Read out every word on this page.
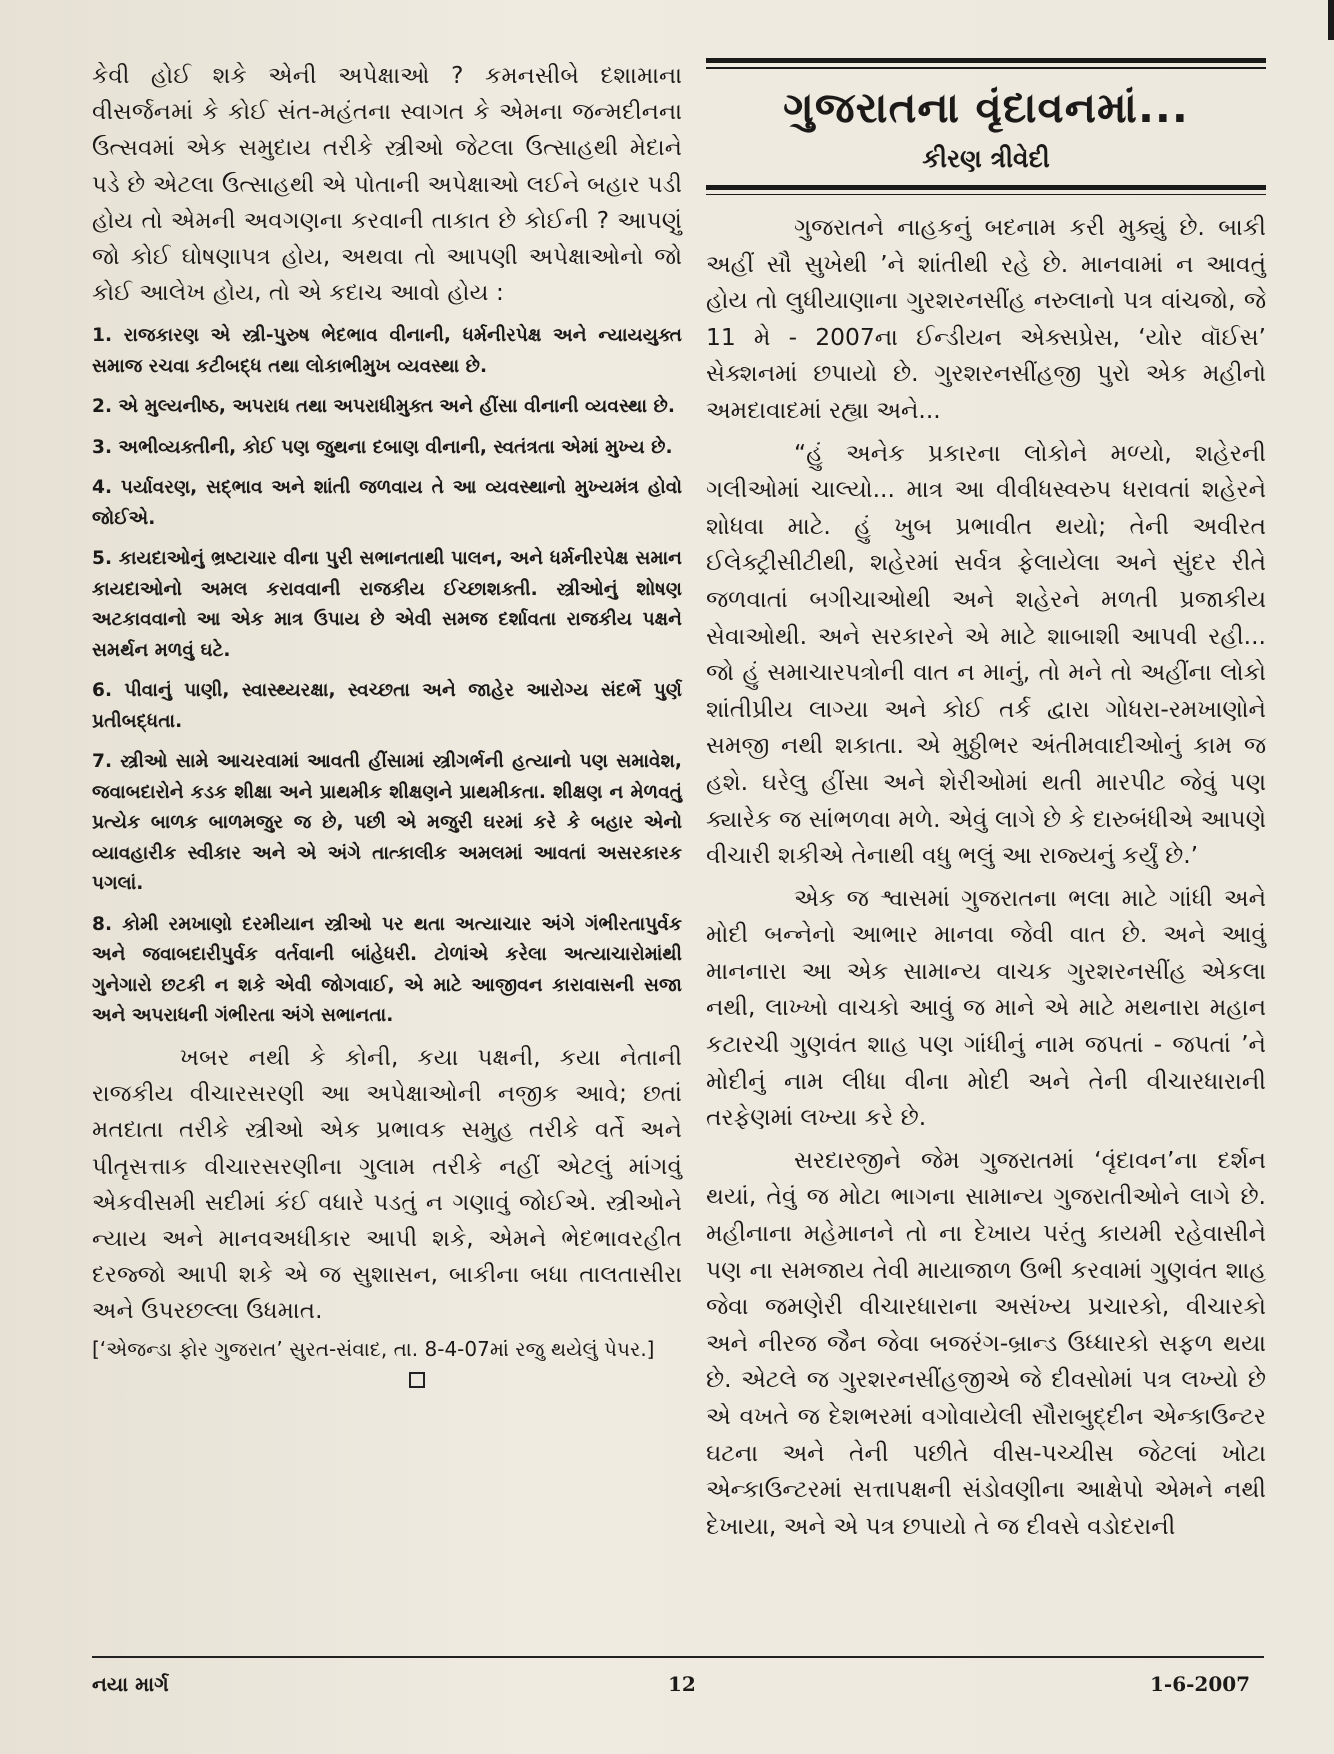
કેવી હોઈ શકે એની અપેક્ષાઓ ? કમનસીબે દશામાના વીસર્જનમાં કે કોઈ સંત-મહંતના સ્વાગત કે એમના જન્મદીનના ઉત્સવમાં એક સમુદાય તરીકે સ્ત્રીઓ જેટલા ઉત્સાહથી મેદાને પડે છે એટલા ઉત્સાહથી એ પોતાની અપેક્ષાઓ લઈને બહાર પડી હોય તો એમની અવગણના કરવાની તાકાત છે કોઈની ? આપણું જો કોઈ ઘોષણાપત્ર હોય, અથવા તો આપણી અપેક્ષાઓનો જો કોઈ આલેખ હોય, તો એ કદાચ આવો હોય :

1. રાજકારણ એ સ્ત્રી-પુરુષ ભેદભાવ વીનાની, ધર્મનીરપેક્ષ અને ન્યાયયુક્ત સમાજ રચવા કટીબદ્ધ તથા લોકાભીમુખ વ્યવસ્થા છે.

2. એ મુલ્યનીષ્ઠ, અપરાધ તથા અપરાધીમુક્ત અને હીંસા વીનાની વ્યવસ્થા છે.

3. અભીવ્યક્તીની, કોઈ પણ જુથના દબાણ વીનાની, સ્વતંત્રતા એમાં મુખ્ય છે.

4. પર્યાવરણ, સદ્ભાવ અને શાંતી જળવાય તે આ વ્યવસ્થાનો મુખ્યમંત્ર હોવો જોઈએ.

5. કાયદાઓનું ભ્રષ્ટાચાર વીના પુરી સભાનતાથી પાલન, અને ધર્મનીરપેક્ષ સમાન કાયદાઓનો અમલ કરાવવાની રાજકીય ઈચ્છાશક્તી. સ્ત્રીઓનું શોષણ અટકાવવાનો આ એક માત્ર ઉપાય છે એવી સમજ દર્શાવતા રાજકીય પક્ષને સમર્થન મળવું ઘટે.

6. પીવાનું પાણી, સ્વાસ્થ્યરક્ષા, સ્વચ્છતા અને જાહેર આરોગ્ય સંદર્ભે પુર્ણ પ્રતીબદ્ધતા.

7. સ્ત્રીઓ સામે આચરવામાં આવતી હીંસામાં સ્ત્રીગર્ભની હત્યાનો પણ સમાવેશ, જવાબદારોને કડક શીક્ષા અને પ્રાથમીક શીક્ષણને પ્રાથમીકતા. શીક્ષણ ન મેળવતું પ્રત્યેક બાળક બાળમજુર જ છે, પછી એ મજુરી ઘરમાં કરે કે બહાર એનો વ્યાવહારીક સ્વીકાર અને એ અંગે તાત્કાલીક અમલમાં આવતાં અસરકારક પગલાં.

8. કોમી રમખાણો દરમીયાન સ્ત્રીઓ પર થતા અત્યાચાર અંગે ગંભીરતાપુર્વક અને જવાબદારીપુર્વક વર્તવાની બાંહેધરી. ટોળાંએ કરેલા અત્યાચારોમાંથી ગુનેગારો છટકી ન શકે એવી જોગવાઈ, એ માટે આજીવન કારાવાસની સજા અને અપરાધની ગંભીરતા અંગે સભાનતા.

ખબર નથી કે કોની, કયા પક્ષની, કયા નેતાની રાજકીય વીચારસરણી આ અપેક્ષાઓની નજીક આવે; છતાં મતદાતા તરીકે સ્ત્રીઓ એક પ્રભાવક સમુહ તરીકે વર્તે અને પીતૃસત્તાક વીચારસરણીના ગુલામ તરીકે નહીં એટલું માંગવું એકવીસમી સદીમાં કંઈ વધારે પડતું ન ગણાવું જોઈએ. સ્ત્રીઓને ન્યાય અને માનવઅધીકાર આપી શકે, એમને ભેદભાવરહીત દરજ્જો આપી શકે એ જ સુશાસન, બાકીના બધા તાલતાસીરા અને ઉપરછલ્લા ઉધમાત.

[‘એજન્ડા ફોર ગુજરાત’ સુરત-સંવાદ, તા. 8-4-07માં રજુ થયેલું પેપર.]

ગુજરાતના વૃંદાવનમાં...
કીરણ ત્રીવેદી

ગુજરાતને નાહકનું બદનામ કરી મુક્યું છે. બાકી અહીં સૌ સુખેથી ’ને શાંતીથી રહે છે. માનવામાં ન આવતું હોય તો લુધીયાણાના ગુરશરનસીંહ નરુલાનો પત્ર વાંચજો, જે 11 મે - 2007ના ઈન્ડીયન એક્સપ્રેસ, ‘યોર વૉઈસ’ સેક્શનમાં છપાયો છે. ગુરશરનસીંહજી પુરો એક મહીનો અમદાવાદમાં રહ્યા અને...

“હું અનેક પ્રકારના લોકોને મળ્યો, શહેરની ગલીઓમાં ચાલ્યો... માત્ર આ વીવીધસ્વરુપ ધરાવતાં શહેરને શોધવા માટે. હું ખુબ પ્રભાવીત થયો; તેની અવીરત ઈલેક્ટ્રીસીટીથી, શહેરમાં સર્વત્ર ફેલાયેલા અને સુંદર રીતે જળવાતાં બગીચાઓથી અને શહેરને મળતી પ્રજાકીય સેવાઓથી. અને સરકારને એ માટે શાબાશી આપવી રહી... જો હું સમાચારપત્રોની વાત ન માનું, તો મને તો અહીંના લોકો શાંતીપ્રીય લાગ્યા અને કોઈ તર્ક દ્વારા ગોધરા-રમખાણોને સમજી નથી શકાતા. એ મુઠ્ઠીભર અંતીમવાદીઓનું કામ જ હશે. ઘરેલુ હીંસા અને શેરીઓમાં થતી મારપીટ જેવું પણ ક્યારેક જ સાંભળવા મળે. એવું લાગે છે કે દારુબંધીએ આપણે વીચારી શકીએ તેનાથી વધુ ભલું આ રાજ્યનું કર્યું છે.’

એક જ શ્વાસમાં ગુજરાતના ભલા માટે ગાંધી અને મોદી બન્નેનો આભાર માનવા જેવી વાત છે. અને આવું માનનારા આ એક સામાન્ય વાચક ગુરશરનસીંહ એકલા નથી, લાખ્ખો વાચકો આવું જ માને એ માટે મથનારા મહાન કટારચી ગુણવંત શાહ પણ ગાંધીનું નામ જપતાં - જપતાં ’ને મોદીનું નામ લીધા વીના મોદી અને તેની વીચારધારાની તરફેણમાં લખ્યા કરે છે.

સરદારજીને જેમ ગુજરાતમાં ‘વૃંદાવન’ના દર્શન થયાં, તેવું જ મોટા ભાગના સામાન્ય ગુજરાતીઓને લાગે છે. મહીનાના મહેમાનને તો ના દેખાય પરંતુ કાયમી રહેવાસીને પણ ના સમજાય તેવી માયાજાળ ઉભી કરવામાં ગુણવંત શાહ જેવા જમણેરી વીચારધારાના અસંખ્ય પ્રચારકો, વીચારકો અને નીરજ જૈન જેવા બજરંગ-બ્રાન્ડ ઉધ્ધારકો સફળ થયા છે. એટલે જ ગુરશરનસીંહજીએ જે દીવસોમાં પત્ર લખ્યો છે એ વખતે જ દેશભરમાં વગોવાયેલી સૌરાબુદ્દીન એન્કાઉન્ટર ઘટના અને તેની પછીતે વીસ-પચ્ચીસ જેટલાં ખોટા એન્કાઉન્ટરમાં સત્તાપક્ષની સંડોવણીના આક્ષેપો એમને નથી દેખાયા, અને એ પત્ર છપાયો તે જ દીવસે વડોદરાની

નયા માર્ગ	12	1-6-2007
